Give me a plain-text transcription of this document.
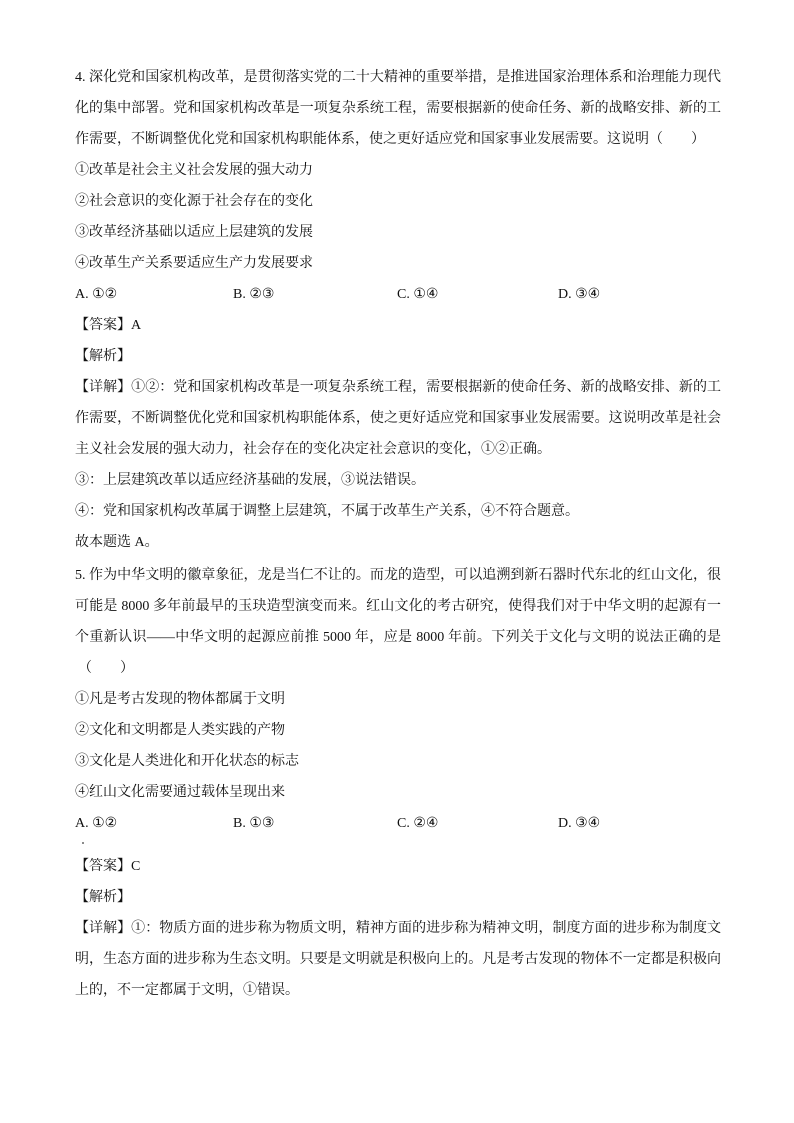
4. 深化党和国家机构改革，是贯彻落实党的二十大精神的重要举措，是推进国家治理体系和治理能力现代
化的集中部署。党和国家机构改革是一项复杂系统工程，需要根据新的使命任务、新的战略安排、新的工
作需要，不断调整优化党和国家机构职能体系，使之更好适应党和国家事业发展需要。这说明（　　）
①改革是社会主义社会发展的强大动力
②社会意识的变化源于社会存在的变化
③改革经济基础以适应上层建筑的发展
④改革生产关系要适应生产力发展要求
A. ①②	B. ②③	C. ①④	D. ③④
【答案】A
【解析】
【详解】①②：党和国家机构改革是一项复杂系统工程，需要根据新的使命任务、新的战略安排、新的工
作需要，不断调整优化党和国家机构职能体系，使之更好适应党和国家事业发展需要。这说明改革是社会
主义社会发展的强大动力，社会存在的变化决定社会意识的变化，①②正确。
③：上层建筑改革以适应经济基础的发展，③说法错误。
④：党和国家机构改革属于调整上层建筑，不属于改革生产关系，④不符合题意。
故本题选 A。
5. 作为中华文明的徽章象征，龙是当仁不让的。而龙的造型，可以追溯到新石器时代东北的红山文化，很
可能是 8000 多年前最早的玉玦造型演变而来。红山文化的考古研究，使得我们对于中华文明的起源有一
个重新认识——中华文明的起源应前推 5000 年，应是 8000 年前。下列关于文化与文明的说法正确的是
（　　）
①凡是考古发现的物体都属于文明
②文化和文明都是人类实践的产物
③文化是人类进化和开化状态的标志
④红山文化需要通过载体呈现出来
A. ①②	B. ①③	C. ②④	D. ③④
【答案】C
【解析】
【详解】①：物质方面的进步称为物质文明，精神方面的进步称为精神文明，制度方面的进步称为制度文
明，生态方面的进步称为生态文明。只要是文明就是积极向上的。凡是考古发现的物体不一定都是积极向
上的，不一定都属于文明，①错误。
